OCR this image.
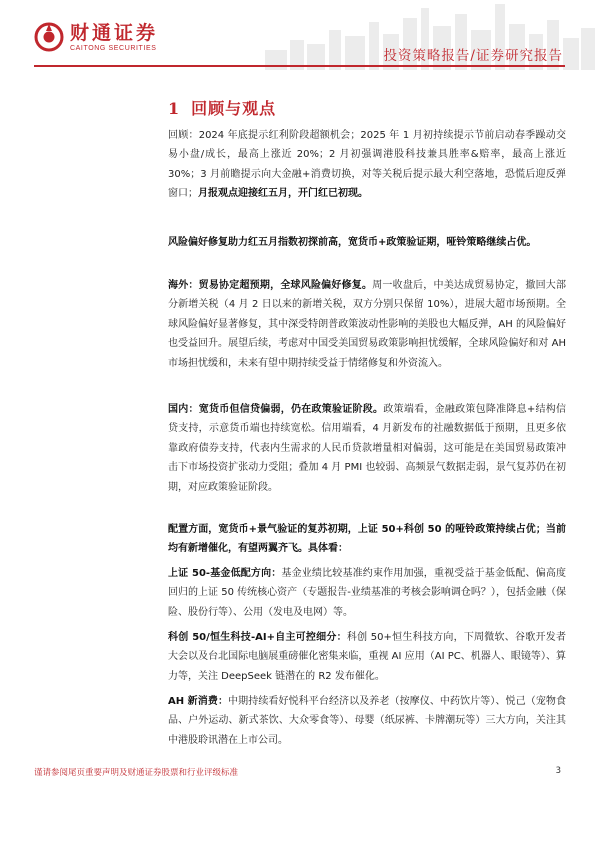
财通证券
CAITONG SECURITIES	投资策略报告/证券研究报告
1 回顾与观点

回顾：2024 年底提示红利阶段超额机会；2025 年 1 月初持续提示节前启动春季躁动交易小盘/成长，最高上涨近 20%；2 月初强调港股科技兼具胜率&赔率，最高上涨近 30%；3 月前瞻提示向大金融+消费切换，对等关税后提示最大利空落地，恐慌后迎反弹窗口；月报观点迎接红五月，开门红已初现。

风险偏好修复助力红五月指数初探前高，宽货币+政策验证期，哑铃策略继续占优。

海外：贸易协定超预期，全球风险偏好修复。周一收盘后，中美达成贸易协定，撤回大部分新增关税（4 月 2 日以来的新增关税，双方分别只保留 10%），进展大超市场预期。全球风险偏好显著修复，其中深受特朗普政策波动性影响的美股也大幅反弹，AH 的风险偏好也受益回升。展望后续，考虑对中国受美国贸易政策影响担忧缓解，全球风险偏好和对 AH 市场担忧缓和，未来有望中期持续受益于情绪修复和外资流入。

国内：宽货币但信贷偏弱，仍在政策验证阶段。政策端看，金融政策包降准降息+结构信贷支持，示意货币端也持续宽松。信用端看，4 月新发布的社融数据低于预期，且更多依靠政府债券支持，代表内生需求的人民币贷款增量相对偏弱，这可能是在美国贸易政策冲击下市场投资扩张动力受阻；叠加 4 月 PMI 也较弱、高频景气数据走弱，景气复苏仍在初期，对应政策验证阶段。

配置方面，宽货币+景气验证的复苏初期，上证 50+科创 50 的哑铃政策持续占优；当前均有新增催化，有望两翼齐飞。具体看：

上证 50-基金低配方向：基金业绩比较基准约束作用加强，重视受益于基金低配、偏高度回归的上证 50 传统核心资产（专题报告-业绩基准的考核会影响调仓吗？），包括金融（保险、股份行等）、公用（发电及电网）等。

科创 50/恒生科技-AI+自主可控细分：科创 50+恒生科技方向，下周微软、谷歌开发者大会以及台北国际电脑展重磅催化密集来临，重视 AI 应用（AI PC、机器人、眼镜等）、算力等，关注 DeepSeek 链潜在的 R2 发布催化。

AH 新消费：中期持续看好悦科平台经济以及养老（按摩仪、中药饮片等）、悦己（宠物食品、户外运动、新式茶饮、大众零食等）、母婴（纸尿裤、卡牌潮玩等）三大方向，关注其中港股聆讯潜在上市公司。

谨请参阅尾页重要声明及财通证券股票和行业评级标准	3
